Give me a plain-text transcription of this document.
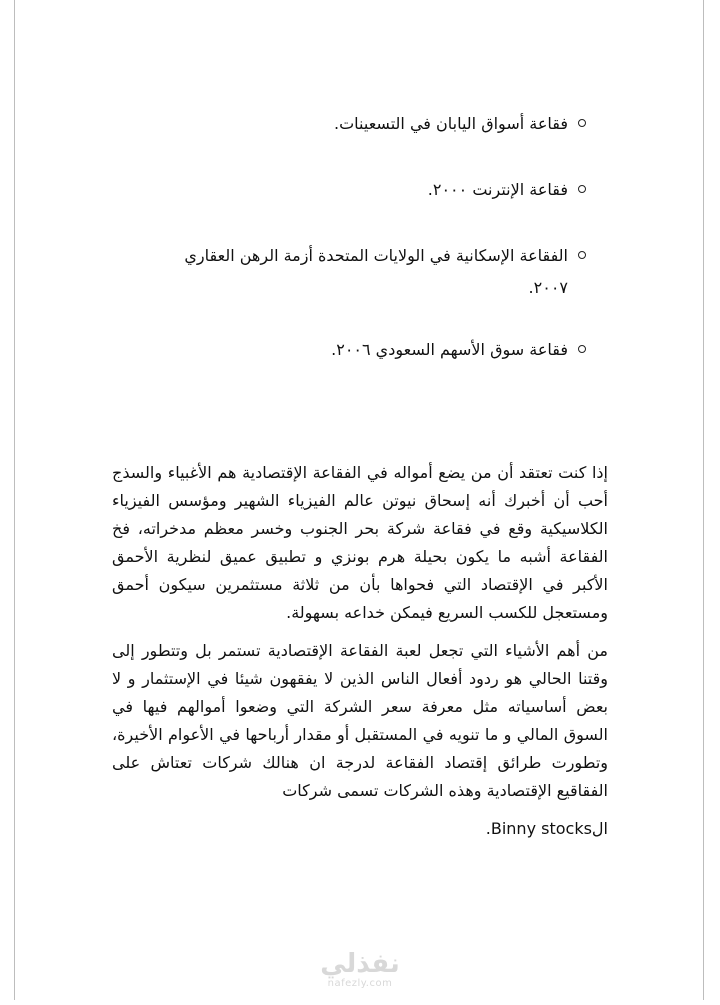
فقاعة أسواق اليابان في التسعينات.
فقاعة الإنترنت ٢٠٠٠.
الفقاعة الإسكانية في الولايات المتحدة أزمة الرهن العقاري ٢٠٠٧.
فقاعة سوق الأسهم السعودي ٢٠٠٦.

إذا كنت تعتقد أن من يضع أمواله في الفقاعة الإقتصادية هم الأغبياء والسذج أحب أن أخبرك أنه إسحاق نيوتن عالم الفيزياء الشهير ومؤسس الفيزياء الكلاسيكية وقع في فقاعة شركة بحر الجنوب وخسر معظم مدخراته، فخ الفقاعة أشبه ما يكون بحيلة هرم بونزي و تطبيق عميق لنظرية الأحمق الأكبر في الإقتصاد التي فحواها بأن من ثلاثة مستثمرين سيكون أحمق ومستعجل للكسب السريع فيمكن خداعه بسهولة.

من أهم الأشياء التي تجعل لعبة الفقاعة الإقتصادية تستمر بل وتتطور إلى وقتنا الحالي هو ردود أفعال الناس الذين لا يفقهون شيئا في الإستثمار و لا بعض أساسياته مثل معرفة سعر الشركة التي وضعوا أموالهم فيها في السوق المالي و ما تنويه في المستقبل أو مقدار أرباحها في الأعوام الأخيرة، وتطورت طرائق إقتصاد الفقاعة لدرجة ان هنالك شركات تعتاش على الفقاقيع الإقتصادية وهذه الشركات تسمى شركات

الBinny stocks.

نفذلي
nafezly.com
